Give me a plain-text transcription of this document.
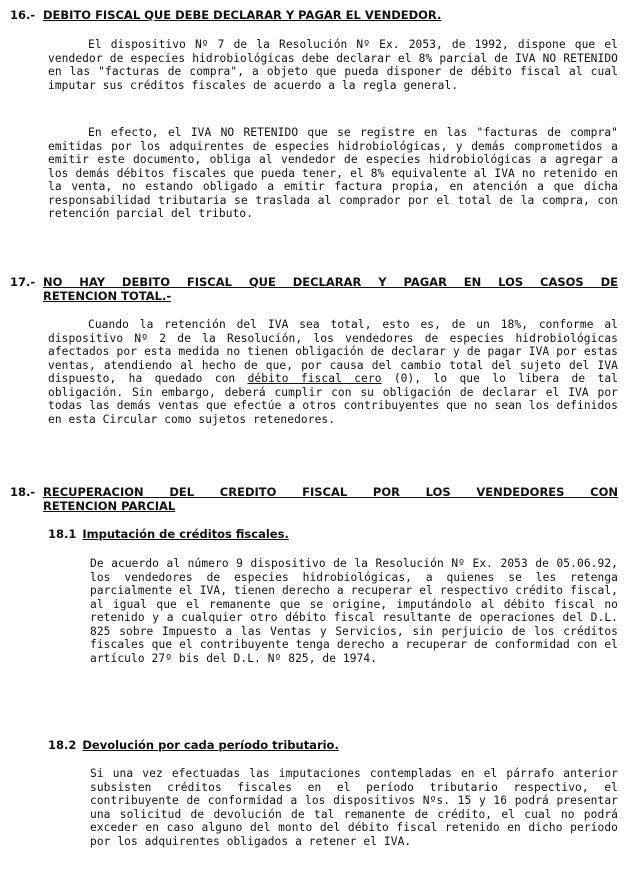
16.- DEBITO FISCAL QUE DEBE DECLARAR Y PAGAR EL VENDEDOR.
El dispositivo Nº 7 de la Resolución Nº Ex. 2053, de 1992, dispone que el vendedor de especies hidrobiológicas debe declarar el 8% parcial de IVA NO RETENIDO en las "facturas de compra", a objeto que pueda disponer de débito fiscal al cual imputar sus créditos fiscales de acuerdo a la regla general.
En efecto, el IVA NO RETENIDO que se registre en las "facturas de compra" emitidas por los adquirentes de especies hidrobiológicas, y demás comprometidos a emitir este documento, obliga al vendedor de especies hidrobiológicas a agregar a los demás débitos fiscales que pueda tener, el 8% equivalente al IVA no retenido en la venta, no estando obligado a emitir factura propia, en atención a que dicha responsabilidad tributaria se traslada al comprador por el total de la compra, con retención parcial del tributo.
17.- NO HAY DEBITO FISCAL QUE DECLARAR Y PAGAR EN LOS CASOS DE
RETENCION TOTAL.-
Cuando la retención del IVA sea total, esto es, de un 18%, conforme al dispositivo Nº 2 de la Resolución, los vendedores de especies hidrobiológicas afectados por esta medida no tienen obligación de declarar y de pagar IVA por estas ventas, atendiendo al hecho de que, por causa del cambio total del sujeto del IVA dispuesto, ha quedado con débito fiscal cero (0), lo que lo libera de tal obligación. Sin embargo, deberá cumplir con su obligación de declarar el IVA por todas las demás ventas que efectúe a otros contribuyentes que no sean los definidos en esta Circular como sujetos retenedores.
18.- RECUPERACION DEL CREDITO FISCAL POR LOS VENDEDORES CON
RETENCION PARCIAL
18.1 Imputación de créditos fiscales.
De acuerdo al número 9 dispositivo de la Resolución Nº Ex. 2053 de 05.06.92, los vendedores de especies hidrobiológicas, a quienes se les retenga parcialmente el IVA, tienen derecho a recuperar el respectivo crédito fiscal, al igual que el remanente que se origine, imputándolo al débito fiscal no retenido y a cualquier otro débito fiscal resultante de operaciones del D.L. 825 sobre Impuesto a las Ventas y Servicios, sin perjuicio de los créditos fiscales que el contribuyente tenga derecho a recuperar de conformidad con el artículo 27º bis del D.L. Nº 825, de 1974.
18.2 Devolución por cada período tributario.
Si una vez efectuadas las imputaciones contempladas en el párrafo anterior subsisten créditos fiscales en el período tributario respectivo, el contribuyente de conformidad a los dispositivos Nºs. 15 y 16 podrá presentar una solicitud de devolución de tal remanente de crédito, el cual no podrá exceder en caso alguno del monto del débito fiscal retenido en dicho período por los adquirentes obligados a retener el IVA.
